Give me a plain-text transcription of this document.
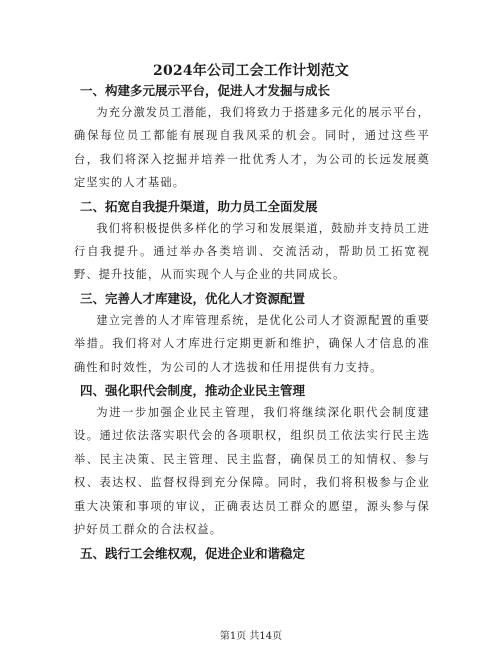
2024年公司工会工作计划范文

一、构建多元展示平台，促进人才发掘与成长

为充分激发员工潜能，我们将致力于搭建多元化的展示平台，确保每位员工都能有展现自我风采的机会。同时，通过这些平台，我们将深入挖掘并培养一批优秀人才，为公司的长远发展奠定坚实的人才基础。

二、拓宽自我提升渠道，助力员工全面发展

我们将积极提供多样化的学习和发展渠道，鼓励并支持员工进行自我提升。通过举办各类培训、交流活动，帮助员工拓宽视野、提升技能，从而实现个人与企业的共同成长。

三、完善人才库建设，优化人才资源配置

建立完善的人才库管理系统，是优化公司人才资源配置的重要举措。我们将对人才库进行定期更新和维护，确保人才信息的准确性和时效性，为公司的人才选拔和任用提供有力支持。

四、强化职代会制度，推动企业民主管理

为进一步加强企业民主管理，我们将继续深化职代会制度建设。通过依法落实职代会的各项职权，组织员工依法实行民主选举、民主决策、民主管理、民主监督，确保员工的知情权、参与权、表达权、监督权得到充分保障。同时，我们将积极参与企业重大决策和事项的审议，正确表达员工群众的愿望，源头参与保护好员工群众的合法权益。

五、践行工会维权观，促进企业和谐稳定

第1页 共14页
